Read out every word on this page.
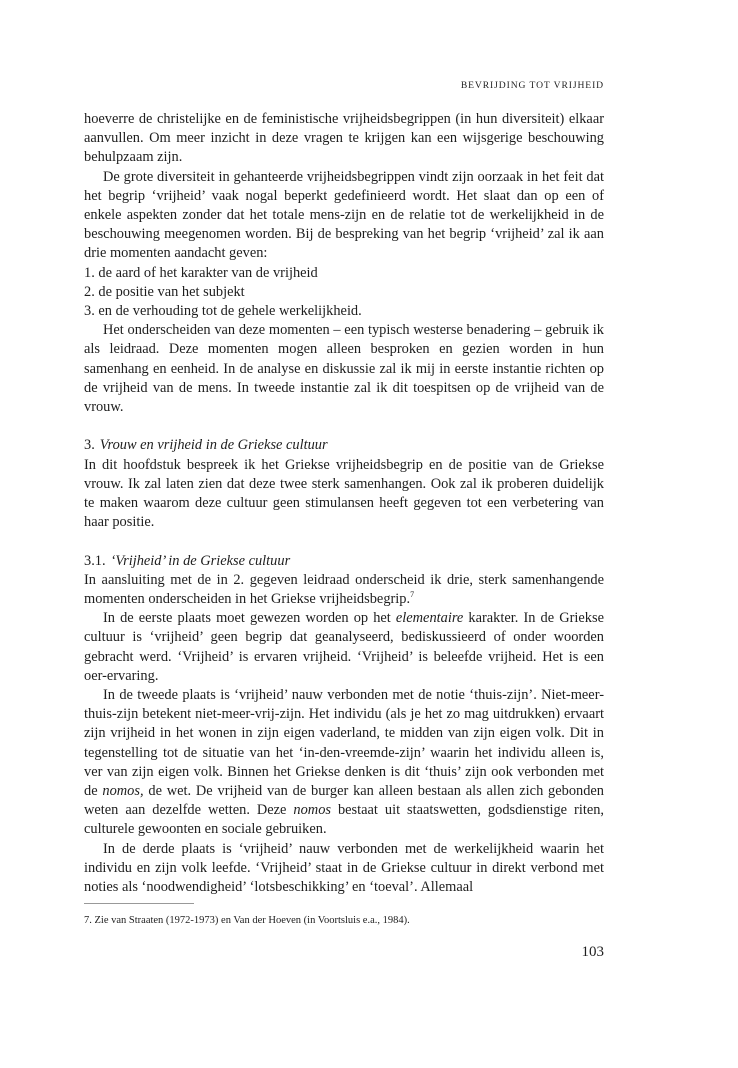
BEVRIJDING TOT VRIJHEID

hoeverre de christelijke en de feministische vrijheidsbegrippen (in hun diversiteit) elkaar aanvullen. Om meer inzicht in deze vragen te krijgen kan een wijsgerige beschouwing behulpzaam zijn.

De grote diversiteit in gehanteerde vrijheidsbegrippen vindt zijn oorzaak in het feit dat het begrip ‘vrijheid’ vaak nogal beperkt gedefinieerd wordt. Het slaat dan op een of enkele aspekten zonder dat het totale mens-zijn en de relatie tot de werkelijkheid in de beschouwing meegenomen worden. Bij de bespreking van het begrip ‘vrijheid’ zal ik aan drie momenten aandacht geven:

1. de aard of het karakter van de vrijheid

2. de positie van het subjekt

3. en de verhouding tot de gehele werkelijkheid.

Het onderscheiden van deze momenten – een typisch westerse benadering – gebruik ik als leidraad. Deze momenten mogen alleen besproken en gezien worden in hun samenhang en eenheid. In de analyse en diskussie zal ik mij in eerste instantie richten op de vrijheid van de mens. In tweede instantie zal ik dit toespitsen op de vrijheid van de vrouw.

3. Vrouw en vrijheid in de Griekse cultuur

In dit hoofdstuk bespreek ik het Griekse vrijheidsbegrip en de positie van de Griekse vrouw. Ik zal laten zien dat deze twee sterk samenhangen. Ook zal ik proberen duidelijk te maken waarom deze cultuur geen stimulansen heeft gegeven tot een verbetering van haar positie.

3.1. ‘Vrijheid’ in de Griekse cultuur

In aansluiting met de in 2. gegeven leidraad onderscheid ik drie, sterk samenhangende momenten onderscheiden in het Griekse vrijheidsbegrip.$^7$

In de eerste plaats moet gewezen worden op het elementaire karakter. In de Griekse cultuur is ‘vrijheid’ geen begrip dat geanalyseerd, bediskussieerd of onder woorden gebracht werd. ‘Vrijheid’ is ervaren vrijheid. ‘Vrijheid’ is beleefde vrijheid. Het is een oer-ervaring.

In de tweede plaats is ‘vrijheid’ nauw verbonden met de notie ‘thuis-zijn’. Niet-meer-thuis-zijn betekent niet-meer-vrij-zijn. Het individu (als je het zo mag uitdrukken) ervaart zijn vrijheid in het wonen in zijn eigen vaderland, te midden van zijn eigen volk. Dit in tegenstelling tot de situatie van het ‘in-den-vreemde-zijn’ waarin het individu alleen is, ver van zijn eigen volk. Binnen het Griekse denken is dit ‘thuis’ zijn ook verbonden met de nomos, de wet. De vrijheid van de burger kan alleen bestaan als allen zich gebonden weten aan dezelfde wetten. Deze nomos bestaat uit staatswetten, godsdienstige riten, culturele gewoonten en sociale gebruiken.

In de derde plaats is ‘vrijheid’ nauw verbonden met de werkelijkheid waarin het individu en zijn volk leefde. ‘Vrijheid’ staat in de Griekse cultuur in direkt verbond met noties als ‘noodwendigheid’ ‘lotsbeschikking’ en ‘toeval’. Allemaal

7. Zie van Straaten (1972-1973) en Van der Hoeven (in Voortsluis e.a., 1984).
103
